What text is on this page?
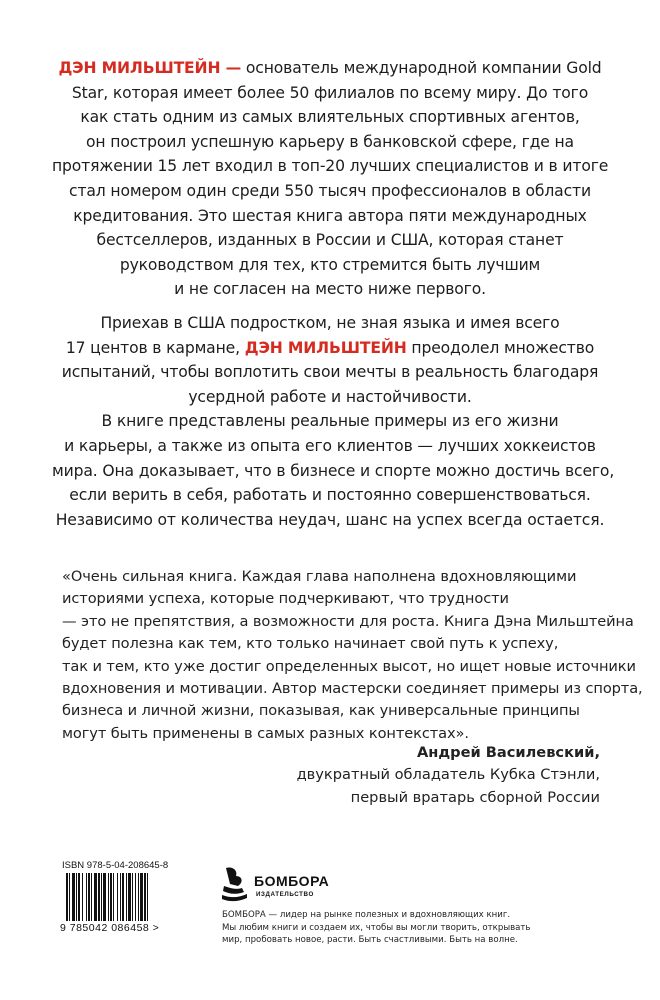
ДЭН МИЛЬШТЕЙН — основатель международной компании Gold
Star, которая имеет более 50 филиалов по всему миру. До того
как стать одним из самых влиятельных спортивных агентов,
он построил успешную карьеру в банковской сфере, где на
протяжении 15 лет входил в топ-20 лучших специалистов и в итоге
стал номером один среди 550 тысяч профессионалов в области
кредитования. Это шестая книга автора пяти международных
бестселлеров, изданных в России и США, которая станет
руководством для тех, кто стремится быть лучшим
и не согласен на место ниже первого.
Приехав в США подростком, не зная языка и имея всего
17 центов в кармане, ДЭН МИЛЬШТЕЙН преодолел множество
испытаний, чтобы воплотить свои мечты в реальность благодаря
усердной работе и настойчивости.
В книге представлены реальные примеры из его жизни
и карьеры, а также из опыта его клиентов — лучших хоккеистов
мира. Она доказывает, что в бизнесе и спорте можно достичь всего,
если верить в себя, работать и постоянно совершенствоваться.
Независимо от количества неудач, шанс на успех всегда остается.
«Очень сильная книга. Каждая глава наполнена вдохновляющими
историями успеха, которые подчеркивают, что трудности
— это не препятствия, а возможности для роста. Книга Дэна Мильштейна
будет полезна как тем, кто только начинает свой путь к успеху,
так и тем, кто уже достиг определенных высот, но ищет новые источники
вдохновения и мотивации. Автор мастерски соединяет примеры из спорта,
бизнеса и личной жизни, показывая, как универсальные принципы
могут быть применены в самых разных контекстах».
Андрей Василевский,
двукратный обладатель Кубка Стэнли,
первый вратарь сборной России
ISBN 978-5-04-208645-8
9 785042 086458 >
БОМБОРА
ИЗДАТЕЛЬСТВО
БОМБОРА — лидер на рынке полезных и вдохновляющих книг.
Мы любим книги и создаем их, чтобы вы могли творить, открывать
мир, пробовать новое, расти. Быть счастливыми. Быть на волне.
